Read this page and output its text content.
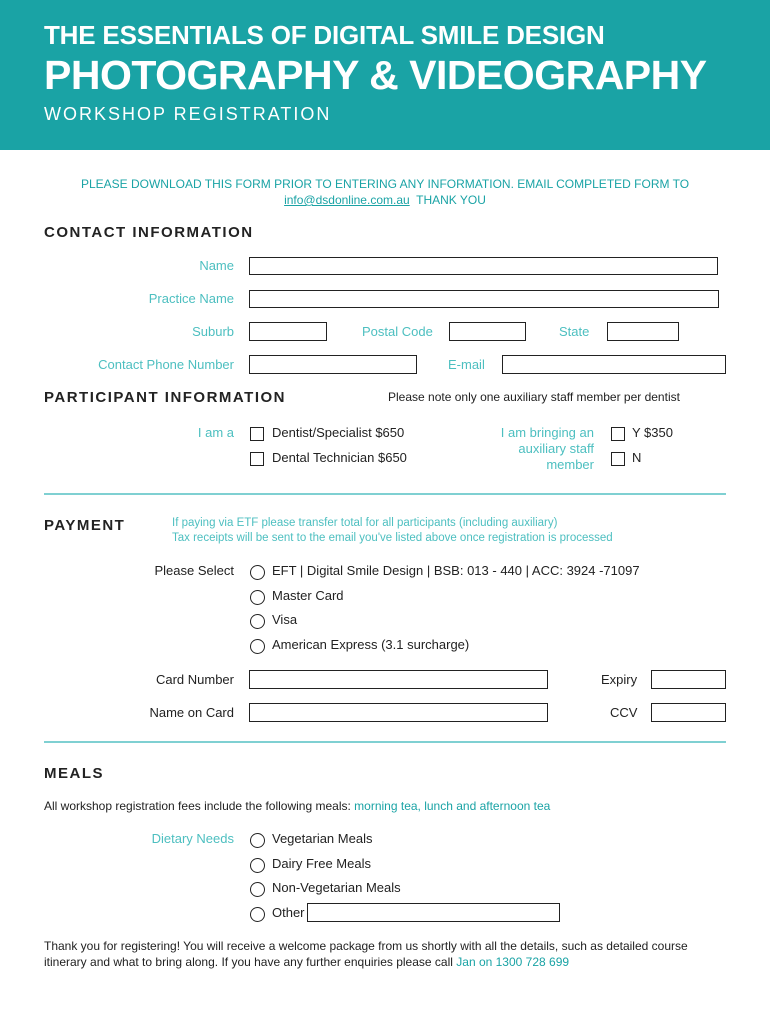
THE ESSENTIALS OF DIGITAL SMILE DESIGN
PHOTOGRAPHY & VIDEOGRAPHY
WORKSHOP REGISTRATION
PLEASE DOWNLOAD THIS FORM PRIOR TO ENTERING ANY INFORMATION. EMAIL COMPLETED FORM TO
info@dsdonline.com.au THANK YOU
CONTACT INFORMATION
Name
Practice Name
Suburb	Postal Code	State
Contact Phone Number	E-mail
PARTICIPANT INFORMATION	Please note only one auxiliary staff member per dentist
I am a	Dentist/Specialist $650
Dental Technician $650
I am bringing an
auxiliary staff
member
Y $350
N
PAYMENT	If paying via ETF please transfer total for all participants (including auxiliary)
Tax receipts will be sent to the email you've listed above once registration is processed
Please Select	EFT | Digital Smile Design | BSB: 013 - 440 | ACC: 3924 -71097
Master Card
Visa
American Express (3.1 surcharge)
Card Number	Expiry
Name on Card	CCV
MEALS
All workshop registration fees include the following meals: morning tea, lunch and afternoon tea
Dietary Needs	Vegetarian Meals
Dairy Free Meals
Non-Vegetarian Meals
Other
Thank you for registering! You will receive a welcome package from us shortly with all the details, such as detailed course
itinerary and what to bring along. If you have any further enquiries please call Jan on 1300 728 699
